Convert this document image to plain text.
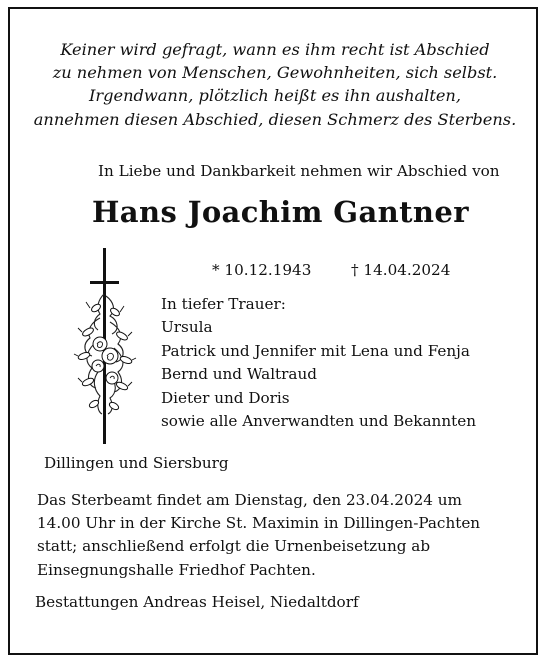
Keiner wird gefragt, wann es ihm recht ist Abschied
zu nehmen von Menschen, Gewohnheiten, sich selbst.
Irgendwann, plötzlich heißt es ihn aushalten,
annehmen diesen Abschied, diesen Schmerz des Sterbens.
In Liebe und Dankbarkeit nehmen wir Abschied von
Hans Joachim Gantner
* 10.12.1943	† 14.04.2024
In tiefer Trauer:
Ursula
Patrick und Jennifer mit Lena und Fenja
Bernd und Waltraud
Dieter und Doris
sowie alle Anverwandten und Bekannten
Dillingen und Siersburg
Das Sterbeamt findet am Dienstag, den 23.04.2024 um
14.00 Uhr in der Kirche St. Maximin in Dillingen-Pachten
statt; anschließend erfolgt die Urnenbeisetzung ab
Einsegnungshalle Friedhof Pachten.
Bestattungen Andreas Heisel, Niedaltdorf
